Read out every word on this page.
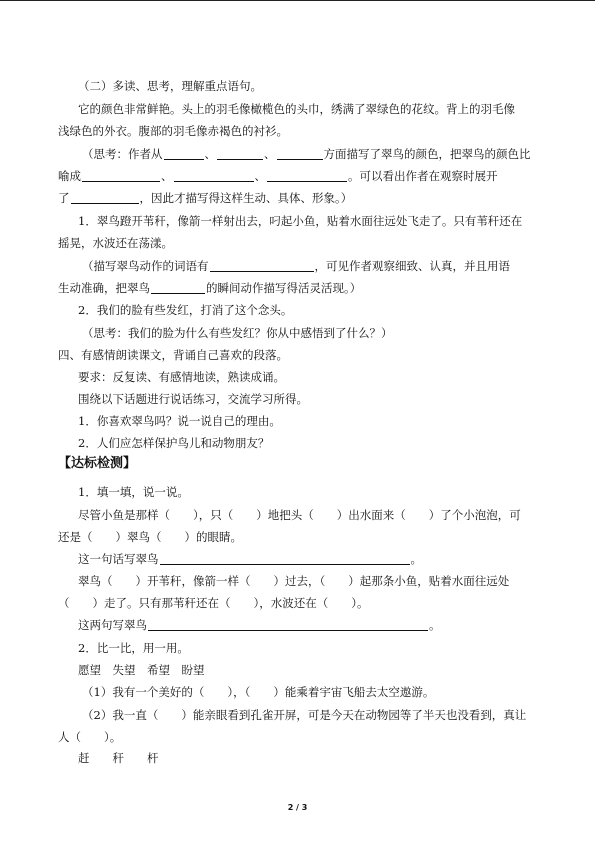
（二）多读、思考，理解重点语句。
它的颜色非常鲜艳。头上的羽毛像橄榄色的头巾，绣满了翠绿色的花纹。背上的羽毛像
浅绿色的外衣。腹部的羽毛像赤褐色的衬衫。
（思考：作者从	、	、	方面描写了翠鸟的颜色，把翠鸟的颜色比
喻成	、	、	。可以看出作者在观察时展开
了	，因此才描写得这样生动、具体、形象。）
1．翠鸟蹬开苇秆，像箭一样射出去，叼起小鱼，贴着水面往远处飞走了。只有苇秆还在
摇晃，水波还在荡漾。
（描写翠鸟动作的词语有	，可见作者观察细致、认真，并且用语
生动准确，把翠鸟	的瞬间动作描写得活灵活现。）
2．我们的脸有些发红，打消了这个念头。
（思考：我们的脸为什么有些发红？你从中感悟到了什么？）
四、有感情朗读课文，背诵自己喜欢的段落。
要求：反复读、有感情地读，熟读成诵。
围绕以下话题进行说话练习，交流学习所得。
1．你喜欢翠鸟吗？说一说自己的理由。
2．人们应怎样保护鸟儿和动物朋友？
【达标检测】
1．填一填，说一说。
尽管小鱼是那样（　　），只（　　）地把头（　　）出水面来（　　）了个小泡泡，可
还是（　　）翠鸟（　　）的眼睛。
这一句话写翠鸟	。
翠鸟（　　）开苇秆，像箭一样（　　）过去，（　　）起那条小鱼，贴着水面往远处
（　　）走了。只有那苇秆还在（　　），水波还在（　　）。
这两句写翠鸟	。
2．比一比，用一用。
愿望　失望　希望　盼望
（1）我有一个美好的（　　），（　　）能乘着宇宙飞船去太空遨游。
（2）我一直（　　）能亲眼看到孔雀开屏，可是今天在动物园等了半天也没看到，真让
人（　　）。
赶　　秆　　杆
2 / 3
